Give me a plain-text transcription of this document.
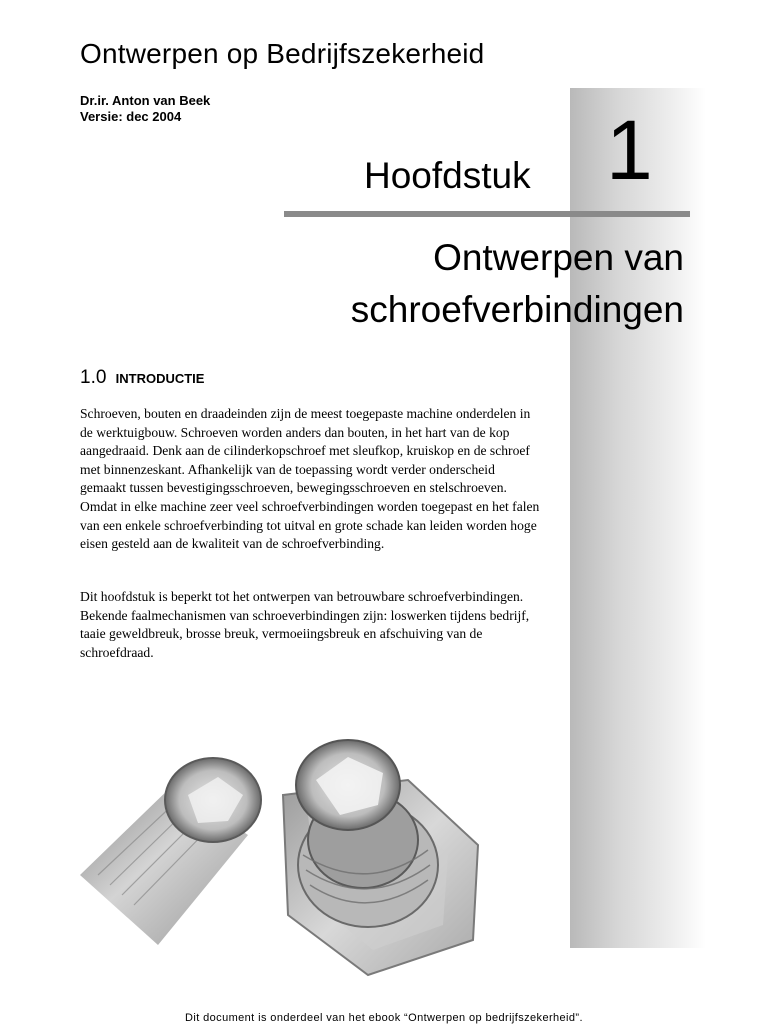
Ontwerpen op Bedrijfszekerheid
Dr.ir. Anton van Beek
Versie: dec 2004
Hoofdstuk 1
Ontwerpen van
schroefverbindingen
1.0 INTRODUCTIE

Schroeven, bouten en draadeinden zijn de meest toegepaste machine onderdelen in de werktuigbouw. Schroeven worden anders dan bouten, in het hart van de kop aangedraaid. Denk aan de cilinderkopschroef met sleufkop, kruiskop en de schroef met binnenzeskant. Afhankelijk van de toepassing wordt verder onderscheid gemaakt tussen bevestigingsschroeven, bewegingsschroeven en stelschroeven. Omdat in elke machine zeer veel schroefverbindingen worden toegepast en het falen van een enkele schroefverbinding tot uitval en grote schade kan leiden worden hoge eisen gesteld aan de kwaliteit van de schroefverbinding.

Dit hoofdstuk is beperkt tot het ontwerpen van betrouwbare schroefverbindingen. Bekende faalmechanismen van schroeverbindingen zijn: loswerken tijdens bedrijf, taaie geweldbreuk, brosse breuk, vermoeiingsbreuk en afschuiving van de schroefdraad.

Dit document is onderdeel van het ebook “Ontwerpen op bedrijfszekerheid”.
